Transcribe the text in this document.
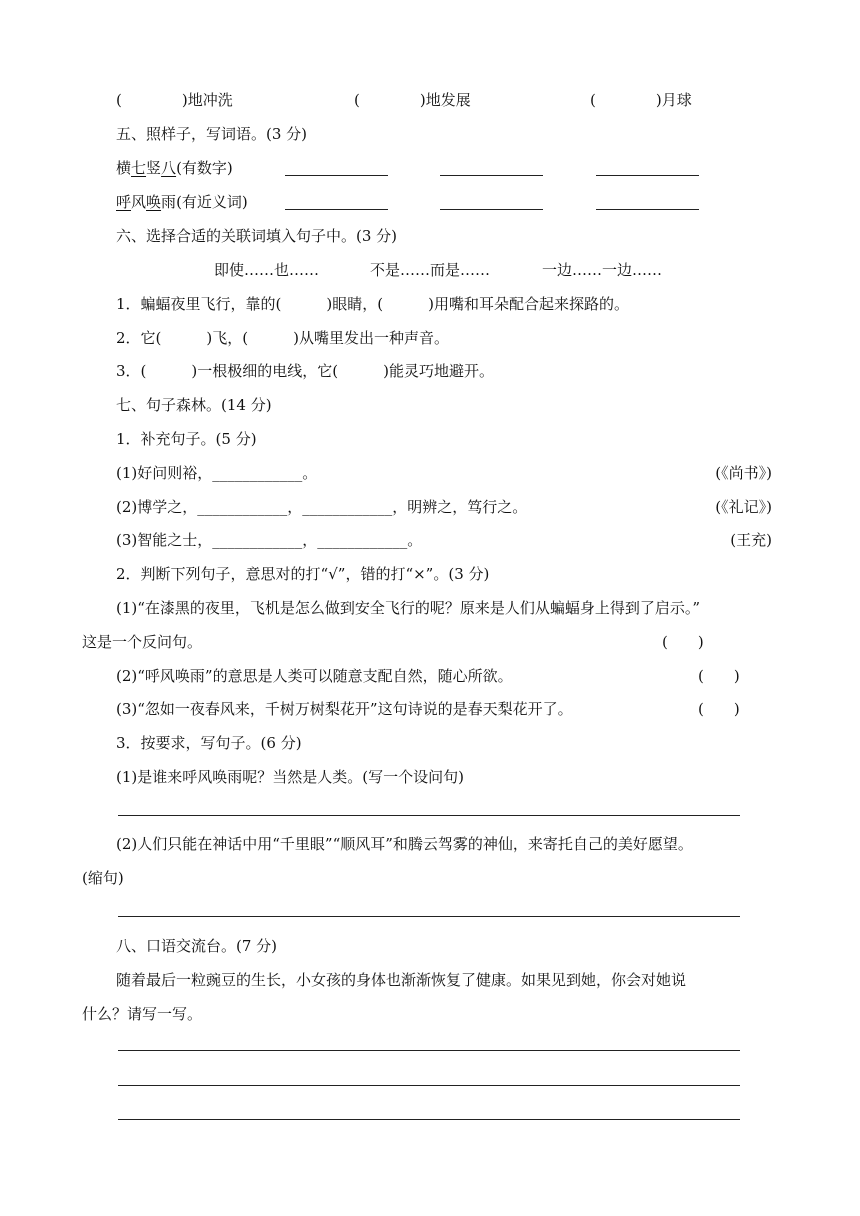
(　　　　)地冲洗	(　　　　)地发展	(　　　　)月球
五、照样子，写词语。(3 分)
横七竖八(有数字)
呼风唤雨(有近义词)
六、选择合适的关联词填入句子中。(3 分)
即使……也……	不是……而是……	一边……一边……
1．蝙蝠夜里飞行，靠的(　　　)眼睛，(　　　)用嘴和耳朵配合起来探路的。
2．它(　　　)飞，(　　　)从嘴里发出一种声音。
3．(　　　)一根极细的电线，它(　　　)能灵巧地避开。
七、句子森林。(14 分)
1．补充句子。(5 分)
(1)好问则裕，____________。	(《尚书》)
(2)博学之，____________，____________，明辨之，笃行之。	(《礼记》)
(3)智能之士，____________，____________。	(王充)
2．判断下列句子，意思对的打“√”，错的打“×”。(3 分)
(1)“在漆黑的夜里，飞机是怎么做到安全飞行的呢？原来是人们从蝙蝠身上得到了启示。”
这是一个反问句。	(　　)
(2)“呼风唤雨”的意思是人类可以随意支配自然，随心所欲。	(　　)
(3)“忽如一夜春风来，千树万树梨花开”这句诗说的是春天梨花开了。	(　　)
3．按要求，写句子。(6 分)
(1)是谁来呼风唤雨呢？当然是人类。(写一个设问句)
(2)人们只能在神话中用“千里眼”“顺风耳”和腾云驾雾的神仙，来寄托自己的美好愿望。
(缩句)
八、口语交流台。(7 分)
随着最后一粒豌豆的生长，小女孩的身体也渐渐恢复了健康。如果见到她，你会对她说
什么？请写一写。
